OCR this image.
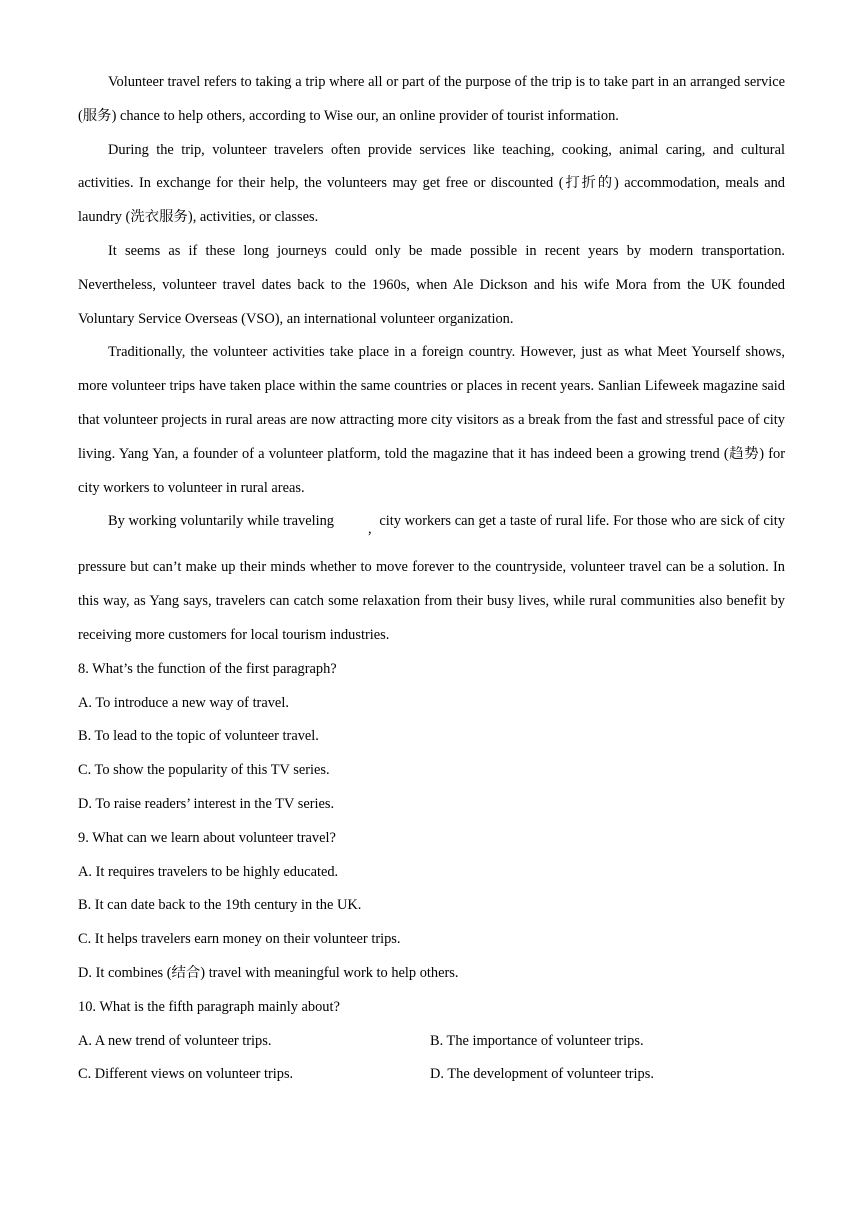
Volunteer travel refers to taking a trip where all or part of the purpose of the trip is to take part in an arranged service (服务) chance to help others, according to Wise our, an online provider of tourist information.

During the trip, volunteer travelers often provide services like teaching, cooking, animal caring, and cultural activities. In exchange for their help, the volunteers may get free or discounted (打折的) accommodation, meals and laundry (洗衣服务), activities, or classes.

It seems as if these long journeys could only be made possible in recent years by modern transportation. Nevertheless, volunteer travel dates back to the 1960s, when Ale Dickson and his wife Mora from the UK founded Voluntary Service Overseas (VSO), an international volunteer organization.

Traditionally, the volunteer activities take place in a foreign country. However, just as what Meet Yourself shows, more volunteer trips have taken place within the same countries or places in recent years. Sanlian Lifeweek magazine said that volunteer projects in rural areas are now attracting more city visitors as a break from the fast and stressful pace of city living. Yang Yan, a founder of a volunteer platform, told the magazine that it has indeed been a growing trend (趋势) for city workers to volunteer in rural areas.

By working voluntarily while traveling , city workers can get a taste of rural life. For those who are sick of city pressure but can’t make up their minds whether to move forever to the countryside, volunteer travel can be a solution. In this way, as Yang says, travelers can catch some relaxation from their busy lives, while rural communities also benefit by receiving more customers for local tourism industries.

8. What’s the function of the first paragraph?

A. To introduce a new way of travel.

B. To lead to the topic of volunteer travel.

C. To show the popularity of this TV series.

D. To raise readers’ interest in the TV series.

9. What can we learn about volunteer travel?

A. It requires travelers to be highly educated.

B. It can date back to the 19th century in the UK.

C. It helps travelers earn money on their volunteer trips.

D. It combines (结合) travel with meaningful work to help others.

10. What is the fifth paragraph mainly about?

A. A new trend of volunteer trips.	B. The importance of volunteer trips.
C. Different views on volunteer trips.	D. The development of volunteer trips.
